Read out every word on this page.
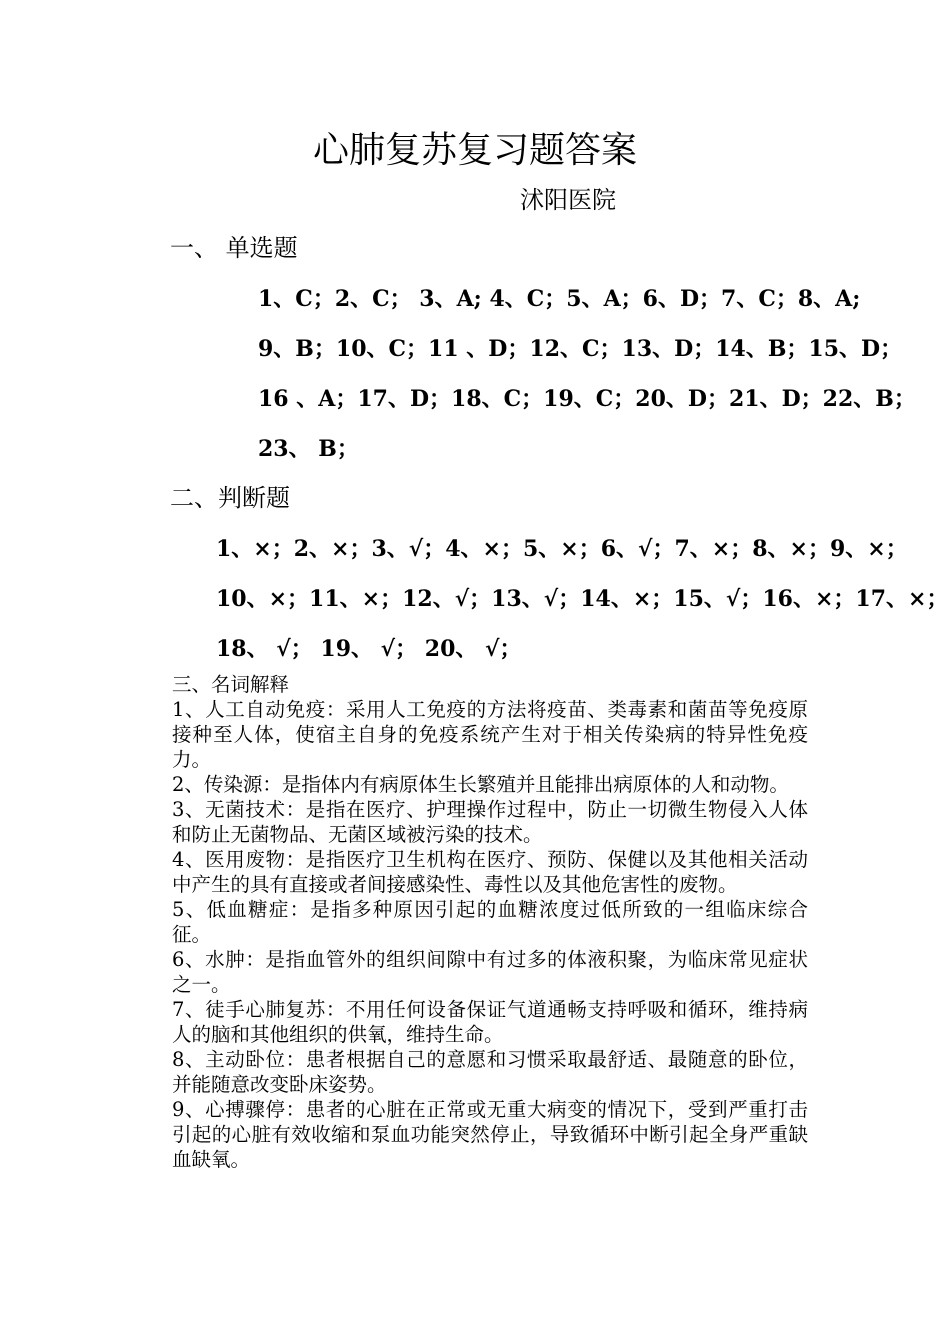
心肺复苏复习题答案
沭阳医院
一、 单选题
1、C；2、C； 3、A; 4、C；5、A；6、D；7、C；8、A;
9、B；10、C；11 、D；12、C；13、D；14、B；15、D；
16 、A；17、D；18、C；19、C；20、D；21、D；22、B；
23、 B；
二、判断题
1、×；2、×；3、√；4、×；5、×；6、√；7、×；8、×；9、×；
10、×；11、×；12、√；13、√；14、×；15、√；16、×；17、×；
18、 √； 19、 √； 20、 √；
三、名词解释

1、人工自动免疫：采用人工免疫的方法将疫苗、类毒素和菌苗等免疫原接种至人体，使宿主自身的免疫系统产生对于相关传染病的特异性免疫力。

2、传染源：是指体内有病原体生长繁殖并且能排出病原体的人和动物。

3、无菌技术：是指在医疗、护理操作过程中，防止一切微生物侵入人体和防止无菌物品、无菌区域被污染的技术。

4、医用废物：是指医疗卫生机构在医疗、预防、保健以及其他相关活动中产生的具有直接或者间接感染性、毒性以及其他危害性的废物。

5、低血糖症：是指多种原因引起的血糖浓度过低所致的一组临床综合征。

6、水肿：是指血管外的组织间隙中有过多的体液积聚，为临床常见症状之一。

7、徒手心肺复苏：不用任何设备保证气道通畅支持呼吸和循环，维持病人的脑和其他组织的供氧，维持生命。

8、主动卧位：患者根据自己的意愿和习惯采取最舒适、最随意的卧位，并能随意改变卧床姿势。

9、心搏骤停：患者的心脏在正常或无重大病变的情况下，受到严重打击引起的心脏有效收缩和泵血功能突然停止，导致循环中断引起全身严重缺血缺氧。
